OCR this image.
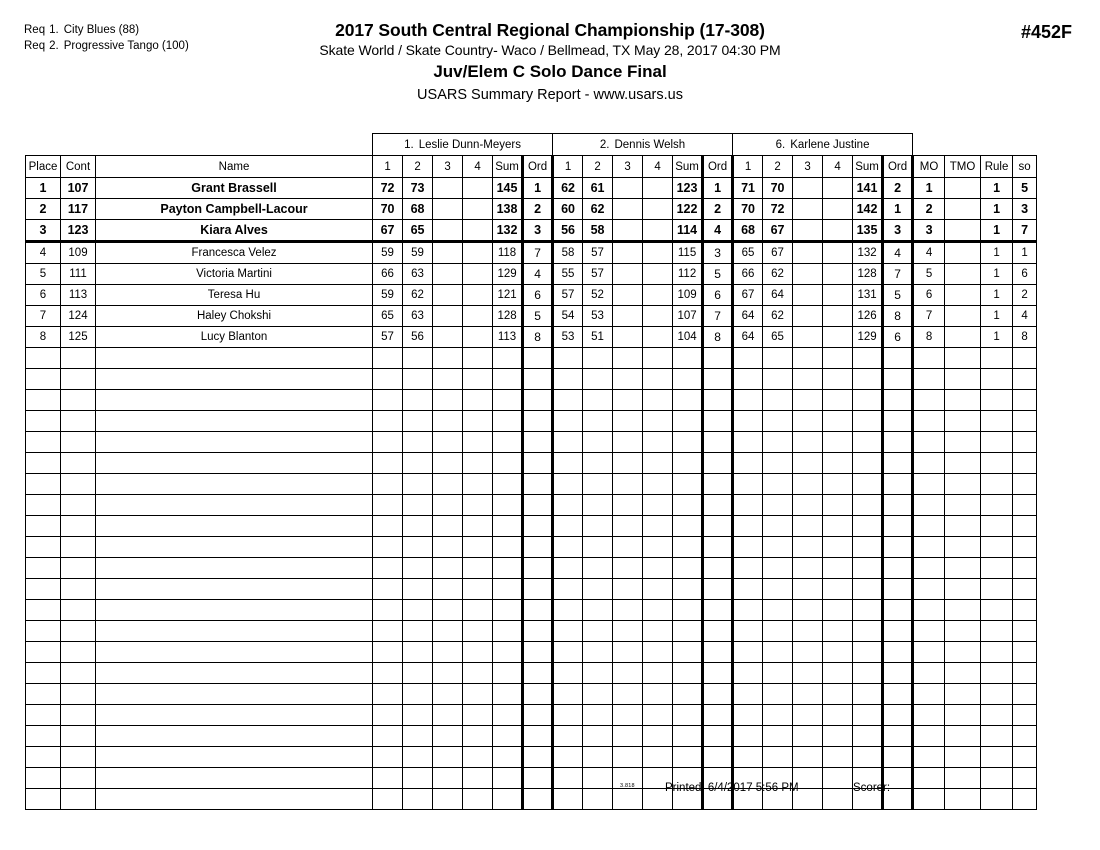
Req 1. City Blues (88)
Req 2. Progressive Tango (100)
2017 South Central Regional Championship (17-308)
Skate World / Skate Country- Waco / Bellmead, TX May 28, 2017 04:30 PM
Juv/Elem C Solo Dance Final
USARS Summary Report - www.usars.us
#452F
			1. Leslie Dunn-Meyers						2. Dennis Welsh						6. Karlene Justine									
Place	Cont	Name	1	2	3	4	Sum	Ord	1	2	3	4	Sum	Ord	1	2	3	4	Sum	Ord	MO	TMO	Rule	so
1	107	Grant Brassell	72	73			145	1	62	61			123	1	71	70			141	2	1		1	5
2	117	Payton Campbell-Lacour	70	68			138	2	60	62			122	2	70	72			142	1	2		1	3
3	123	Kiara Alves	67	65			132	3	56	58			114	4	68	67			135	3	3		1	7
4	109	Francesca Velez	59	59			118	7	58	57			115	3	65	67			132	4	4		1	1
5	111	Victoria Martini	66	63			129	4	55	57			112	5	66	62			128	7	5		1	6
6	113	Teresa Hu	59	62			121	6	57	52			109	6	67	64			131	5	6		1	2
7	124	Haley Chokshi	65	63			128	5	54	53			107	7	64	62			126	8	7		1	4
8	125	Lucy Blanton	57	56			113	8	53	51			104	8	64	65			129	6	8		1	8

3.818	Printed: 6/4/2017 5:56 PM	Scorer:
